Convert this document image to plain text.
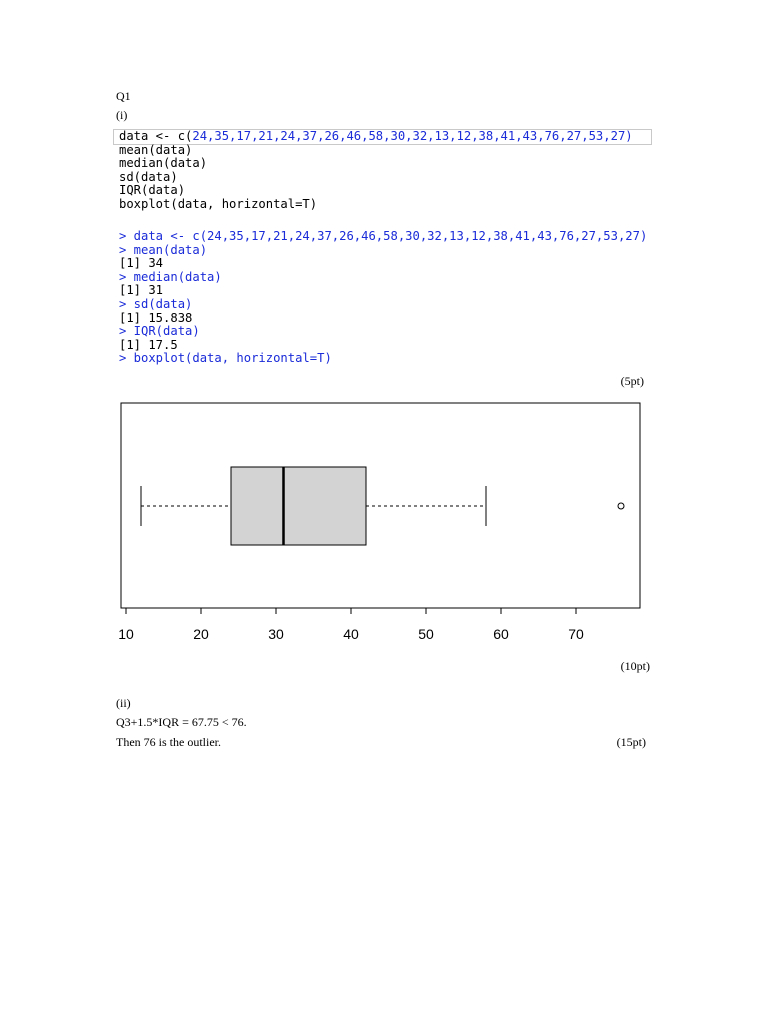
Q1
(i)
data <- c(24,35,17,21,24,37,26,46,58,30,32,13,12,38,41,43,76,27,53,27)
mean(data)
median(data)
sd(data)
IQR(data)
boxplot(data, horizontal=T)
> data <- c(24,35,17,21,24,37,26,46,58,30,32,13,12,38,41,43,76,27,53,27)
> mean(data)
[1] 34
> median(data)
[1] 31
> sd(data)
[1] 15.838
> IQR(data)
[1] 17.5
> boxplot(data, horizontal=T)
(5pt)
10	20	30	40	50	60	70
(10pt)
(ii)
Q3+1.5*IQR = 67.75 < 76.
Then 76 is the outlier.	(15pt)
